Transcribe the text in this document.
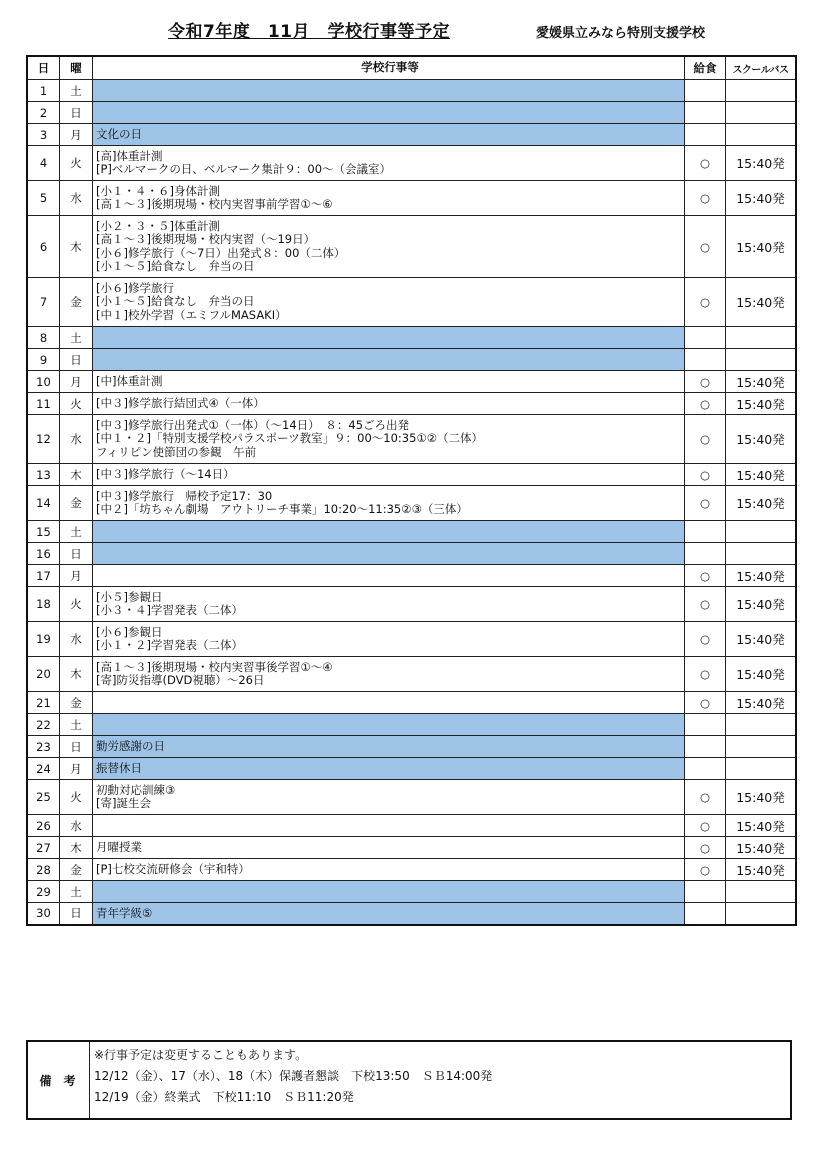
令和7年度　11月　学校行事等予定	愛媛県立みなら特別支援学校
日	曜	学校行事等	給食	スクールバス
1	土			
2	日			
3	月	文化の日		

4	火	[高]体重計測
[P]ベルマークの日、ベルマーク集計９：00～（会議室）	○	15:40発
5	水	[小１・４・６]身体計測
[高１～３]後期現場・校内実習事前学習①～⑥	○	15:40発
6	木	[小２・３・５]体重計測
[高１～３]後期現場・校内実習（～19日）
[小６]修学旅行（～7日）出発式８：00（二体）
[小１～５]給食なし　弁当の日	○	15:40発
7	金	[小６]修学旅行
[小１～５]給食なし　弁当の日
[中１]校外学習（エミフルMASAKI）	○	15:40発
8	土			
9	日			
10	月	[中]体重計測	○	15:40発
11	火	[中３]修学旅行結団式④（一体）	○	15:40発
12	水	[中３]修学旅行出発式①（一体）（～14日）　８：45ごろ出発
[中１・２]「特別支援学校パラスポーツ教室」９：00～10:35①②（二体）
フィリピン使節団の参観　午前	○	15:40発
13	木	[中３]修学旅行（～14日）	○	15:40発
14	金	[中３]修学旅行　帰校予定17：30
[中２]「坊ちゃん劇場　アウトリーチ事業」10:20～11:35②③（三体）	○	15:40発
15	土			
16	日			
17	月		○	15:40発
18	火	[小５]参観日
[小３・４]学習発表（二体）	○	15:40発
19	水	[小６]参観日
[小１・２]学習発表（二体）	○	15:40発
20	木	[高１～３]後期現場・校内実習事後学習①～④
[寄]防災指導(DVD視聴）～26日	○	15:40発
21	金		○	15:40発
22	土			
23	日	勤労感謝の日		

24	月	振替休日		

25	火	初動対応訓練③
[寄]誕生会	○	15:40発
26	水		○	15:40発
27	木	月曜授業	○	15:40発
28	金	[P]七校交流研修会（宇和特）	○	15:40発
29	土			
30	日	青年学級⑤		

備考
※行事予定は変更することもあります。
12/12（金）、17（水）、18（木）保護者懇談　下校13:50　ＳＢ14:00発
12/19（金）終業式　下校11:10　ＳＢ11:20発
